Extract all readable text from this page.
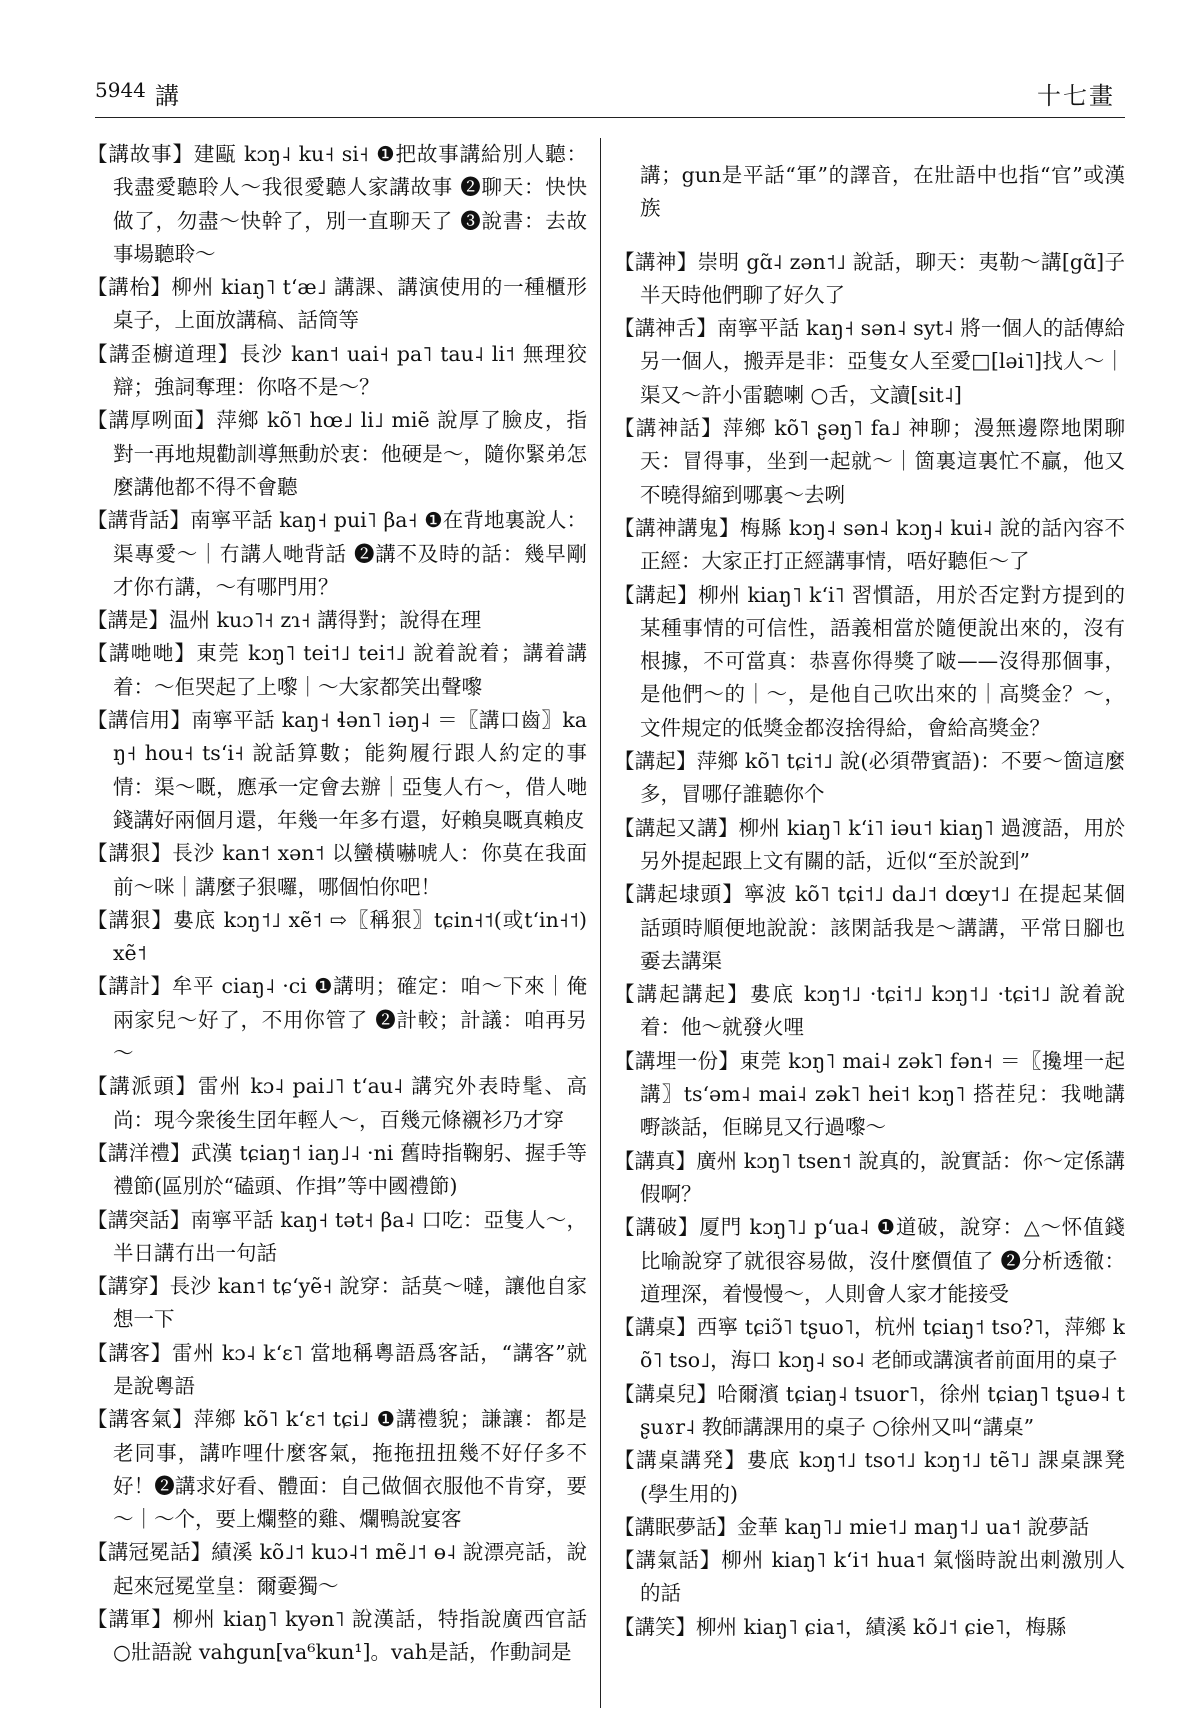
5944 講	十七畫

【講故事】建甌 kɔŋ˨ ku˧ si˧ ❶把故事講給別人聽：我盡愛聽聆人～我很愛聽人家講故事 ❷聊天：快快做了，勿盡～快幹了，別一直聊天了 ❸說書：去故事場聽聆～

【講枱】柳州 kiaŋ˥ tʻæ˩ 講課、講演使用的一種櫃形桌子，上面放講稿、話筒等

【講歪櫥道理】長沙 kan˦ uai˧ pa˥ tau˨ li˦ 無理狡辯；強詞奪理：你咯不是～？

【講厚咧面】萍鄉 kõ˥ hœ˩ li˩ miẽ 說厚了臉皮，指對一再地規勸訓導無動於衷：他硬是～，隨你緊弟怎麼講他都不得不會聽

【講背話】南寧平話 kaŋ˧ pui˥ βa˧ ❶在背地裏說人：渠專愛～｜冇講人哋背話 ❷講不及時的話：幾早剛才你冇講，～有哪門用？

【講是】温州 kuɔ˥˧ zɿ˧ 講得對；說得在理

【講哋哋】東莞 kɔŋ˥ tei˦˩ tei˦˩ 說着說着；講着講着：～佢哭起了上嚟｜～大家都笑出聲嚟

【講信用】南寧平話 kaŋ˧ ɬən˥ iəŋ˨ ＝〖講口齒〗kaŋ˧ hou˧ tsʻi˧ 說話算數；能夠履行跟人約定的事情：渠～嘅，應承一定會去辦｜亞隻人冇～，借人哋錢講好兩個月還，年幾一年多冇還，好賴臭嘅真賴皮

【講狠】長沙 kan˦ xən˦ 以蠻橫嚇唬人：你莫在我面前～咪｜講麼子狠囉，哪個怕你吧！

【講狠】婁底 kɔŋ˦˩ xẽ˦ ⇨〖稱狠〗tɕin˧˦(或tʻin˧˦) xẽ˦

【講計】牟平 ciaŋ˨ ·ci ❶講明；確定：咱～下來｜俺兩家兒～好了，不用你管了 ❷計較；計議：咱再另～

【講派頭】雷州 kɔ˨ pai˩˥ tʻau˨ 講究外表時髦、高尚：現今衆後生囝年輕人～，百幾元條襯衫乃才穿

【講洋禮】武漢 tɕiaŋ˦ iaŋ˩˨ ·ni 舊時指鞠躬、握手等禮節(區別於“磕頭、作揖”等中國禮節)

【講突話】南寧平話 kaŋ˧ tət˧ βa˨ 口吃：亞隻人～，半日講冇出一句話

【講穿】長沙 kan˦ tɕʻyẽ˧ 說穿：話莫～噠，讓他自家想一下

【講客】雷州 kɔ˨ kʻɛ˥ 當地稱粵語爲客話，“講客”就是說粵語

【講客氣】萍鄉 kõ˥ kʻɛ˦ tɕi˩ ❶講禮貌；謙讓：都是老同事，講咋哩什麼客氣，拖拖扭扭幾不好仔多不好！❷講求好看、體面：自己做個衣服他不肯穿，要～｜～个，要上爛整的雞、爛鴨說宴客

【講冠冕話】績溪 kõ˩˦ kuɔ˨˦ mẽ˩˦ ɵ˨ 說漂亮話，說起來冠冕堂皇：爾嫑獨～

【講軍】柳州 kiaŋ˥ kyən˥ 說漢話，特指說廣西官話 ○壯語說 vahgun[va⁶kun¹]。vah是話，作動詞是

講；gun是平話“軍”的譯音，在壯語中也指“官”或漢族

【講神】崇明 gɑ̃˨ zən˦˩ 說話，聊天：夷勒～講[gɑ̃]子半天時他們聊了好久了

【講神舌】南寧平話 kaŋ˧ sən˨ syt˨ 將一個人的話傳給另一個人，搬弄是非：亞隻女人至愛□[ləi˥]找人～｜渠又～許小雷聽喇 ○舌，文讀[sit˨]

【講神話】萍鄉 kõ˥ ʂəŋ˥ fa˩ 神聊；漫無邊際地閑聊天：冒得事，坐到一起就～｜箇裏這裏忙不贏，他又不曉得縮到哪裏～去咧

【講神講鬼】梅縣 kɔŋ˨ sən˨ kɔŋ˨ kui˨ 說的話內容不正經：大家正打正經講事情，唔好聽佢～了

【講起】柳州 kiaŋ˥ kʻi˥ 習慣語，用於否定對方提到的某種事情的可信性，語義相當於隨便說出來的，沒有根據，不可當真：恭喜你得獎了啵——沒得那個事，是他們～的｜～，是他自己吹出來的｜高獎金？～，文件規定的低獎金都沒捨得給，會給高獎金？

【講起】萍鄉 kõ˥ tɕi˦˩ 說(必須帶賓語)：不要～箇這麼多，冒哪仔誰聽你个

【講起又講】柳州 kiaŋ˥ kʻi˥ iəu˦ kiaŋ˥ 過渡語，用於另外提起跟上文有關的話，近似“至於說到”

【講起埭頭】寧波 kõ˥ tɕi˦˩ da˩˦ dœy˦˩ 在提起某個話頭時順便地說說：該閑話我是～講講，平常日腳也嫑去講渠

【講起講起】婁底 kɔŋ˦˩ ·tɕi˦˩ kɔŋ˦˩ ·tɕi˦˩ 說着說着：他～就發火哩

【講埋一份】東莞 kɔŋ˥ mai˨ zək˥ fən˧ ＝〖攙埋一起講〗tsʻəm˨ mai˨ zək˥ hei˦ kɔŋ˥ 搭茬兒：我哋講嘢談話，佢睇見又行過嚟～

【講真】廣州 kɔŋ˥ tsen˦ 說真的，說實話：你～定係講假啊？

【講破】厦門 kɔŋ˥˩ pʻua˨ ❶道破，說穿：△～怀值錢比喻說穿了就很容易做，沒什麼價值了 ❷分析透徹：道理深，着慢慢～，人則會人家才能接受

【講桌】西寧 tɕiɔ̃˥ tʂuo˥，杭州 tɕiaŋ˦ tso?˥，萍鄉 kõ˥ tso˩，海口 kɔŋ˨ so˨ 老師或講演者前面用的桌子

【講桌兒】哈爾濱 tɕiaŋ˨ tsuor˥，徐州 tɕiaŋ˥ tʂuə˨ tʂuɤr˨ 教師講課用的桌子 ○徐州又叫“講桌”

【講桌講発】婁底 kɔŋ˦˩ tso˦˩ kɔŋ˦˩ tẽ˥˩ 課桌課凳(學生用的)

【講眠夢話】金華 kaŋ˥˩ mie˦˩ maŋ˦˩ ua˦ 說夢話

【講氣話】柳州 kiaŋ˥ kʻi˦ hua˦ 氣惱時說出刺激別人的話

【講笑】柳州 kiaŋ˥ ɕia˦，績溪 kõ˩˦ ɕie˥，梅縣
